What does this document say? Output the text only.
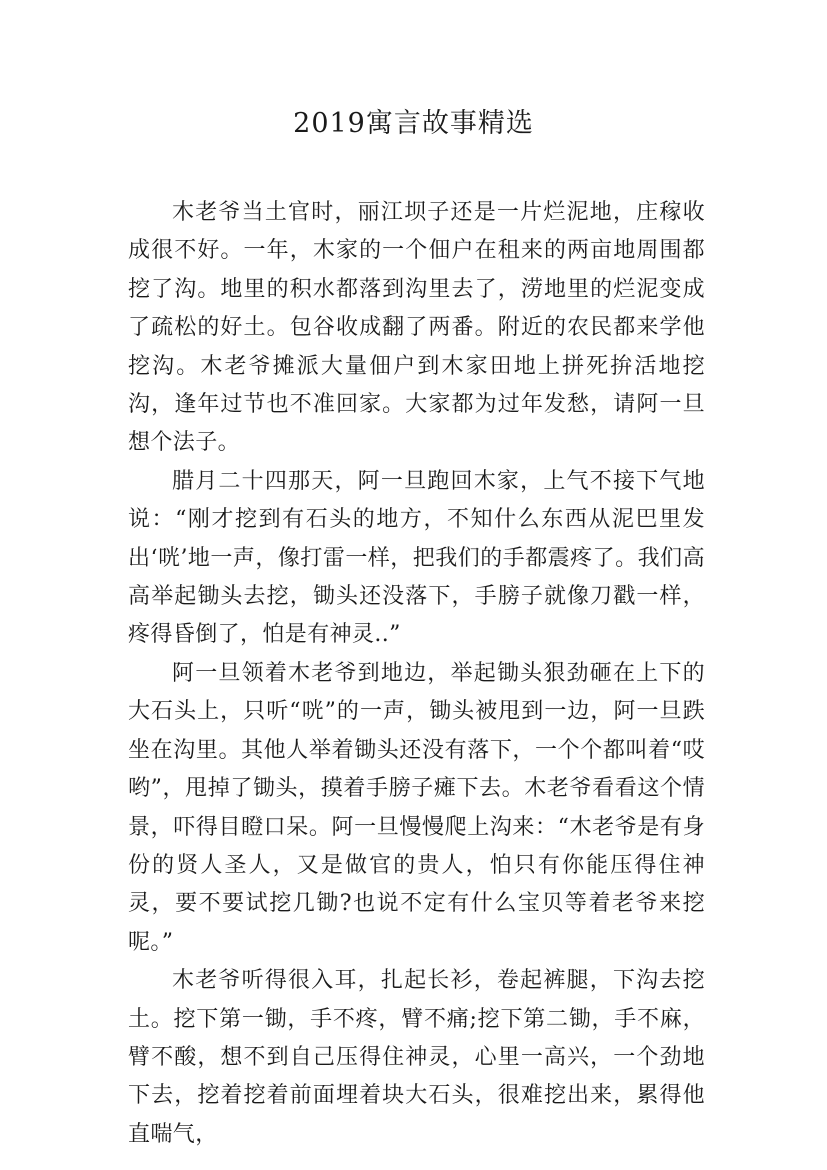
2019寓言故事精选

木老爷当土官时，丽江坝子还是一片烂泥地，庄稼收成很不好。一年，木家的一个佃户在租来的两亩地周围都挖了沟。地里的积水都落到沟里去了，涝地里的烂泥变成了疏松的好土。包谷收成翻了两番。附近的农民都来学他挖沟。木老爷摊派大量佃户到木家田地上拼死拚活地挖沟，逢年过节也不准回家。大家都为过年发愁，请阿一旦想个法子。

腊月二十四那天，阿一旦跑回木家，上气不接下气地说：“刚才挖到有石头的地方，不知什么东西从泥巴里发出‘咣’地一声，像打雷一样，把我们的手都震疼了。我们高高举起锄头去挖，锄头还没落下，手膀子就像刀戳一样，疼得昏倒了，怕是有神灵..”

阿一旦领着木老爷到地边，举起锄头狠劲砸在上下的大石头上，只听“咣”的一声，锄头被甩到一边，阿一旦跌坐在沟里。其他人举着锄头还没有落下，一个个都叫着“哎哟”，甩掉了锄头，摸着手膀子瘫下去。木老爷看看这个情景，吓得目瞪口呆。阿一旦慢慢爬上沟来：“木老爷是有身份的贤人圣人，又是做官的贵人，怕只有你能压得住神灵，要不要试挖几锄?也说不定有什么宝贝等着老爷来挖呢。”

木老爷听得很入耳，扎起长衫，卷起裤腿，下沟去挖土。挖下第一锄，手不疼，臂不痛;挖下第二锄，手不麻，臂不酸，想不到自己压得住神灵，心里一高兴，一个劲地下去，挖着挖着前面埋着块大石头，很难挖出来，累得他直喘气，
